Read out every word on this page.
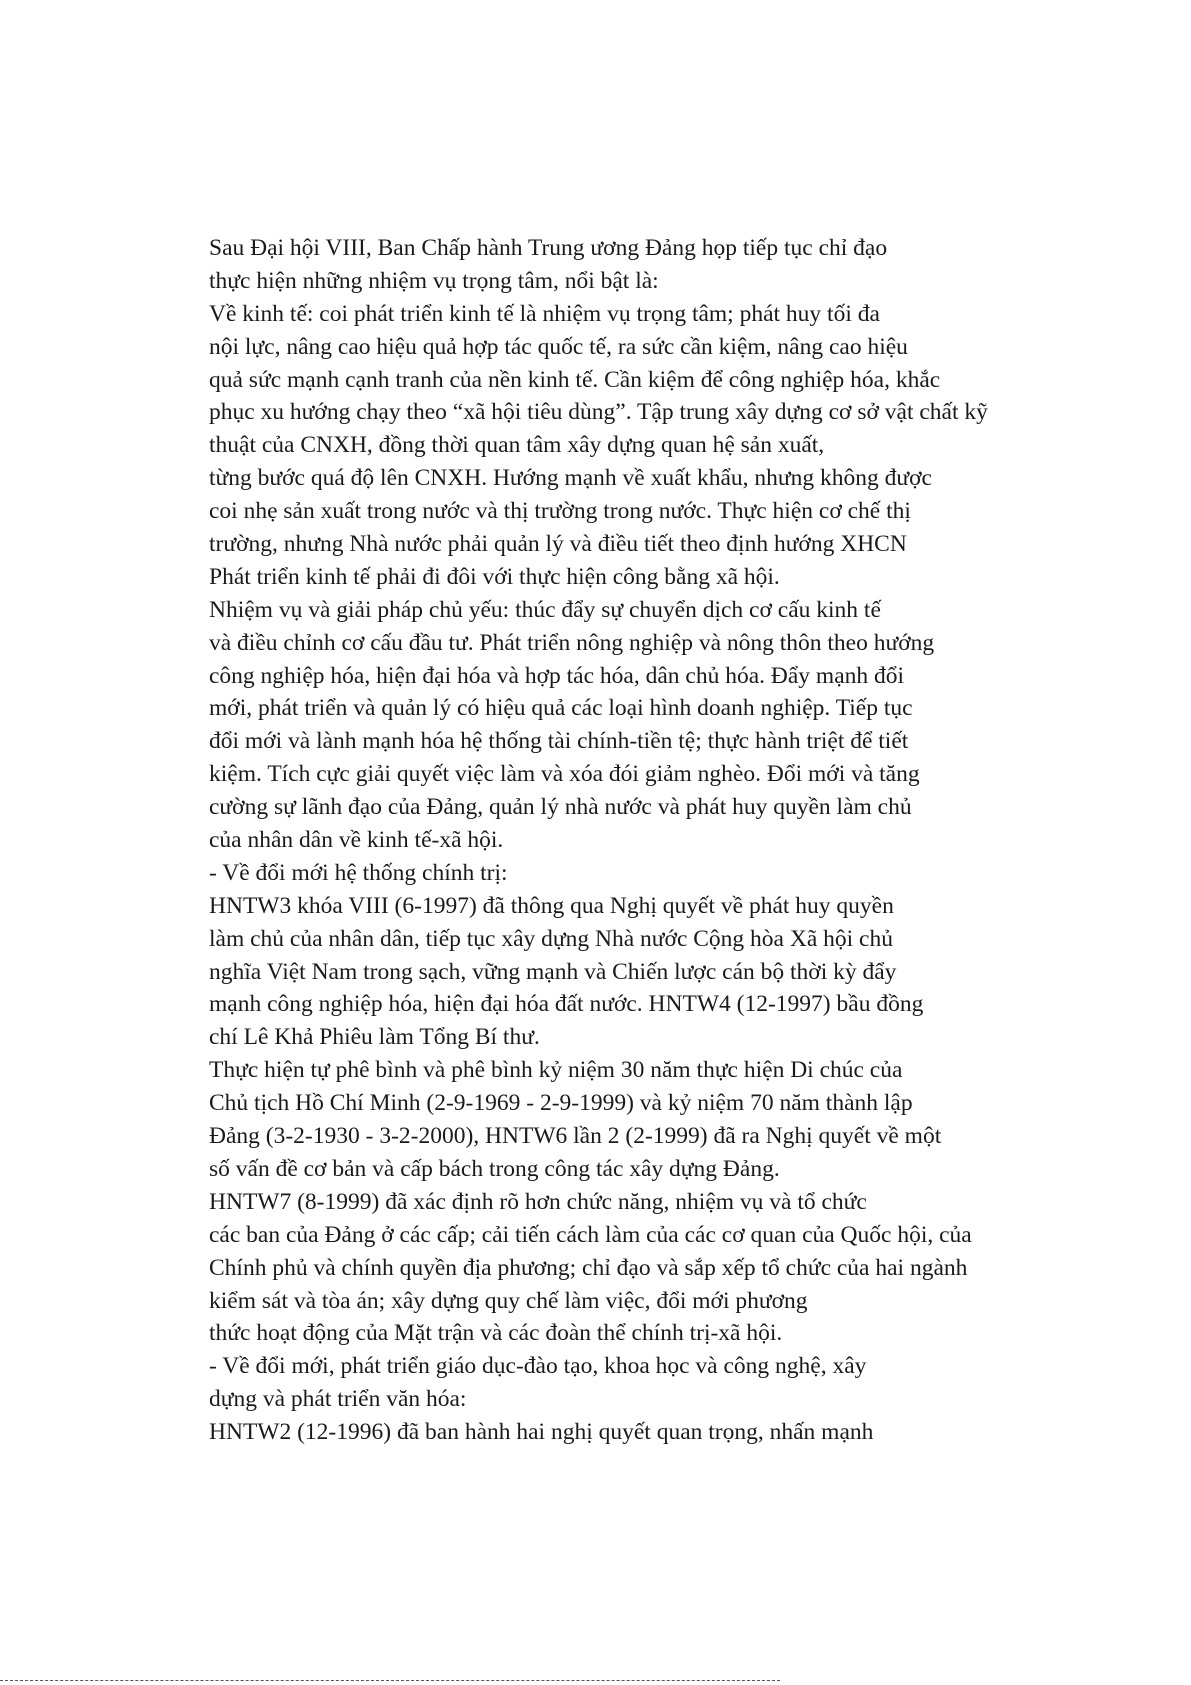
Sau Đại hội VIII, Ban Chấp hành Trung ương Đảng họp tiếp tục chỉ đạo
thực hiện những nhiệm vụ trọng tâm, nổi bật là:
Về kinh tế: coi phát triển kinh tế là nhiệm vụ trọng tâm; phát huy tối đa
nội lực, nâng cao hiệu quả hợp tác quốc tế, ra sức cần kiệm, nâng cao hiệu
quả sức mạnh cạnh tranh của nền kinh tế. Cần kiệm để công nghiệp hóa, khắc
phục xu hướng chạy theo “xã hội tiêu dùng”. Tập trung xây dựng cơ sở vật chất kỹ
thuật của CNXH, đồng thời quan tâm xây dựng quan hệ sản xuất,
từng bước quá độ lên CNXH. Hướng mạnh về xuất khẩu, nhưng không được
coi nhẹ sản xuất trong nước và thị trường trong nước. Thực hiện cơ chế thị
trường, nhưng Nhà nước phải quản lý và điều tiết theo định hướng XHCN
Phát triển kinh tế phải đi đôi với thực hiện công bằng xã hội.
Nhiệm vụ và giải pháp chủ yếu: thúc đẩy sự chuyển dịch cơ cấu kinh tế
và điều chỉnh cơ cấu đầu tư. Phát triển nông nghiệp và nông thôn theo hướng
công nghiệp hóa, hiện đại hóa và hợp tác hóa, dân chủ hóa. Đẩy mạnh đổi
mới, phát triển và quản lý có hiệu quả các loại hình doanh nghiệp. Tiếp tục
đổi mới và lành mạnh hóa hệ thống tài chính-tiền tệ; thực hành triệt để tiết
kiệm. Tích cực giải quyết việc làm và xóa đói giảm nghèo. Đổi mới và tăng
cường sự lãnh đạo của Đảng, quản lý nhà nước và phát huy quyền làm chủ
của nhân dân về kinh tế-xã hội.
- Về đổi mới hệ thống chính trị:
HNTW3 khóa VIII (6-1997) đã thông qua Nghị quyết về phát huy quyền
làm chủ của nhân dân, tiếp tục xây dựng Nhà nước Cộng hòa Xã hội chủ
nghĩa Việt Nam trong sạch, vững mạnh và Chiến lược cán bộ thời kỳ đẩy
mạnh công nghiệp hóa, hiện đại hóa đất nước. HNTW4 (12-1997) bầu đồng
chí Lê Khả Phiêu làm Tổng Bí thư.
Thực hiện tự phê bình và phê bình kỷ niệm 30 năm thực hiện Di chúc của
Chủ tịch Hồ Chí Minh (2-9-1969 - 2-9-1999) và kỷ niệm 70 năm thành lập
Đảng (3-2-1930 - 3-2-2000), HNTW6 lần 2 (2-1999) đã ra Nghị quyết về một
số vấn đề cơ bản và cấp bách trong công tác xây dựng Đảng.
HNTW7 (8-1999) đã xác định rõ hơn chức năng, nhiệm vụ và tổ chức
các ban của Đảng ở các cấp; cải tiến cách làm của các cơ quan của Quốc hội, của
Chính phủ và chính quyền địa phương; chỉ đạo và sắp xếp tổ chức của hai ngành
kiểm sát và tòa án; xây dựng quy chế làm việc, đổi mới phương
thức hoạt động của Mặt trận và các đoàn thể chính trị-xã hội.
- Về đổi mới, phát triển giáo dục-đào tạo, khoa học và công nghệ, xây
dựng và phát triển văn hóa:
HNTW2 (12-1996) đã ban hành hai nghị quyết quan trọng, nhấn mạnh
